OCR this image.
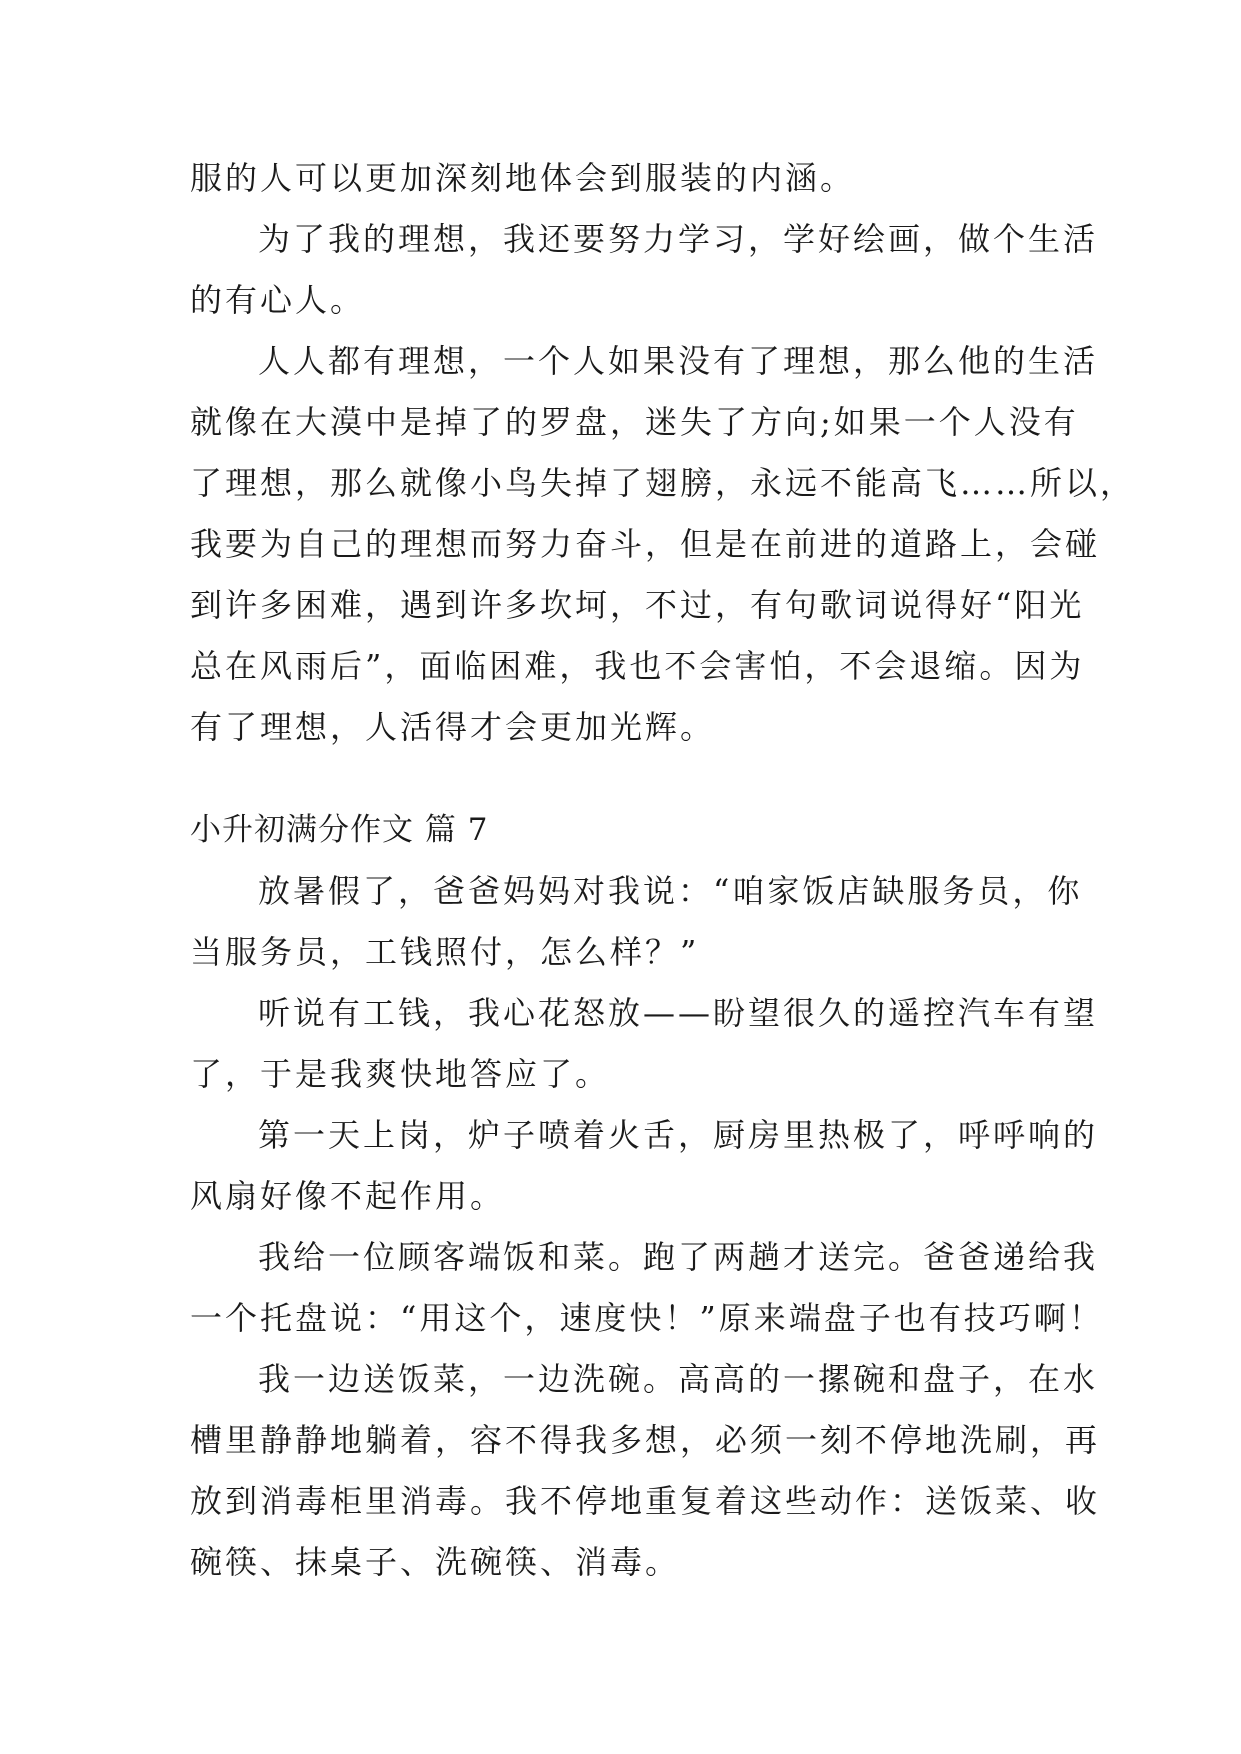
服的人可以更加深刻地体会到服装的内涵。
为了我的理想，我还要努力学习，学好绘画，做个生活
的有心人。
人人都有理想，一个人如果没有了理想，那么他的生活
就像在大漠中是掉了的罗盘，迷失了方向;如果一个人没有
了理想，那么就像小鸟失掉了翅膀，永远不能高飞……所以，
我要为自己的理想而努力奋斗，但是在前进的道路上，会碰
到许多困难，遇到许多坎坷，不过，有句歌词说得好“阳光
总在风雨后”，面临困难，我也不会害怕，不会退缩。因为
有了理想，人活得才会更加光辉。
小升初满分作文 篇 7
放暑假了，爸爸妈妈对我说：“咱家饭店缺服务员，你
当服务员，工钱照付，怎么样？”
听说有工钱，我心花怒放——盼望很久的遥控汽车有望
了，于是我爽快地答应了。
第一天上岗，炉子喷着火舌，厨房里热极了，呼呼响的
风扇好像不起作用。
我给一位顾客端饭和菜。跑了两趟才送完。爸爸递给我
一个托盘说：“用这个，速度快！”原来端盘子也有技巧啊！
我一边送饭菜，一边洗碗。高高的一摞碗和盘子，在水
槽里静静地躺着，容不得我多想，必须一刻不停地洗刷，再
放到消毒柜里消毒。我不停地重复着这些动作：送饭菜、收
碗筷、抹桌子、洗碗筷、消毒。
